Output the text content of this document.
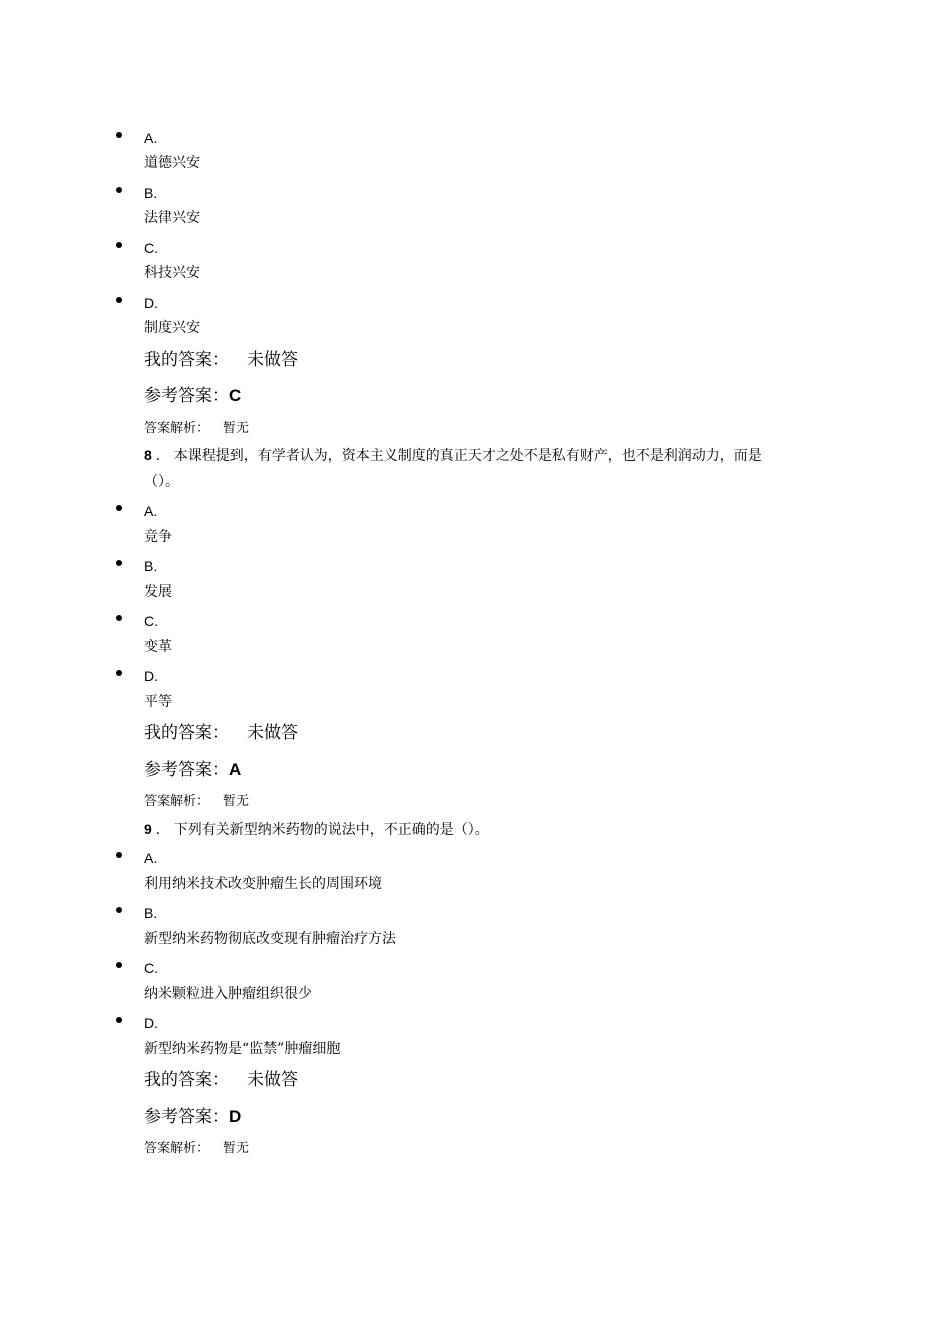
A.
道德兴安
B.
法律兴安
C.
科技兴安
D.
制度兴安
我的答案： 未做答
参考答案：C
答案解析： 暂无
8 . 本课程提到，有学者认为，资本主义制度的真正天才之处不是私有财产，也不是利润动力，而是
（）。
A.
竞争
B.
发展
C.
变革
D.
平等
我的答案： 未做答
参考答案：A
答案解析： 暂无
9 . 下列有关新型纳米药物的说法中，不正确的是（）。
A.
利用纳米技术改变肿瘤生长的周围环境
B.
新型纳米药物彻底改变现有肿瘤治疗方法
C.
纳米颗粒进入肿瘤组织很少
D.
新型纳米药物是“监禁”肿瘤细胞
我的答案： 未做答
参考答案：D
答案解析： 暂无
